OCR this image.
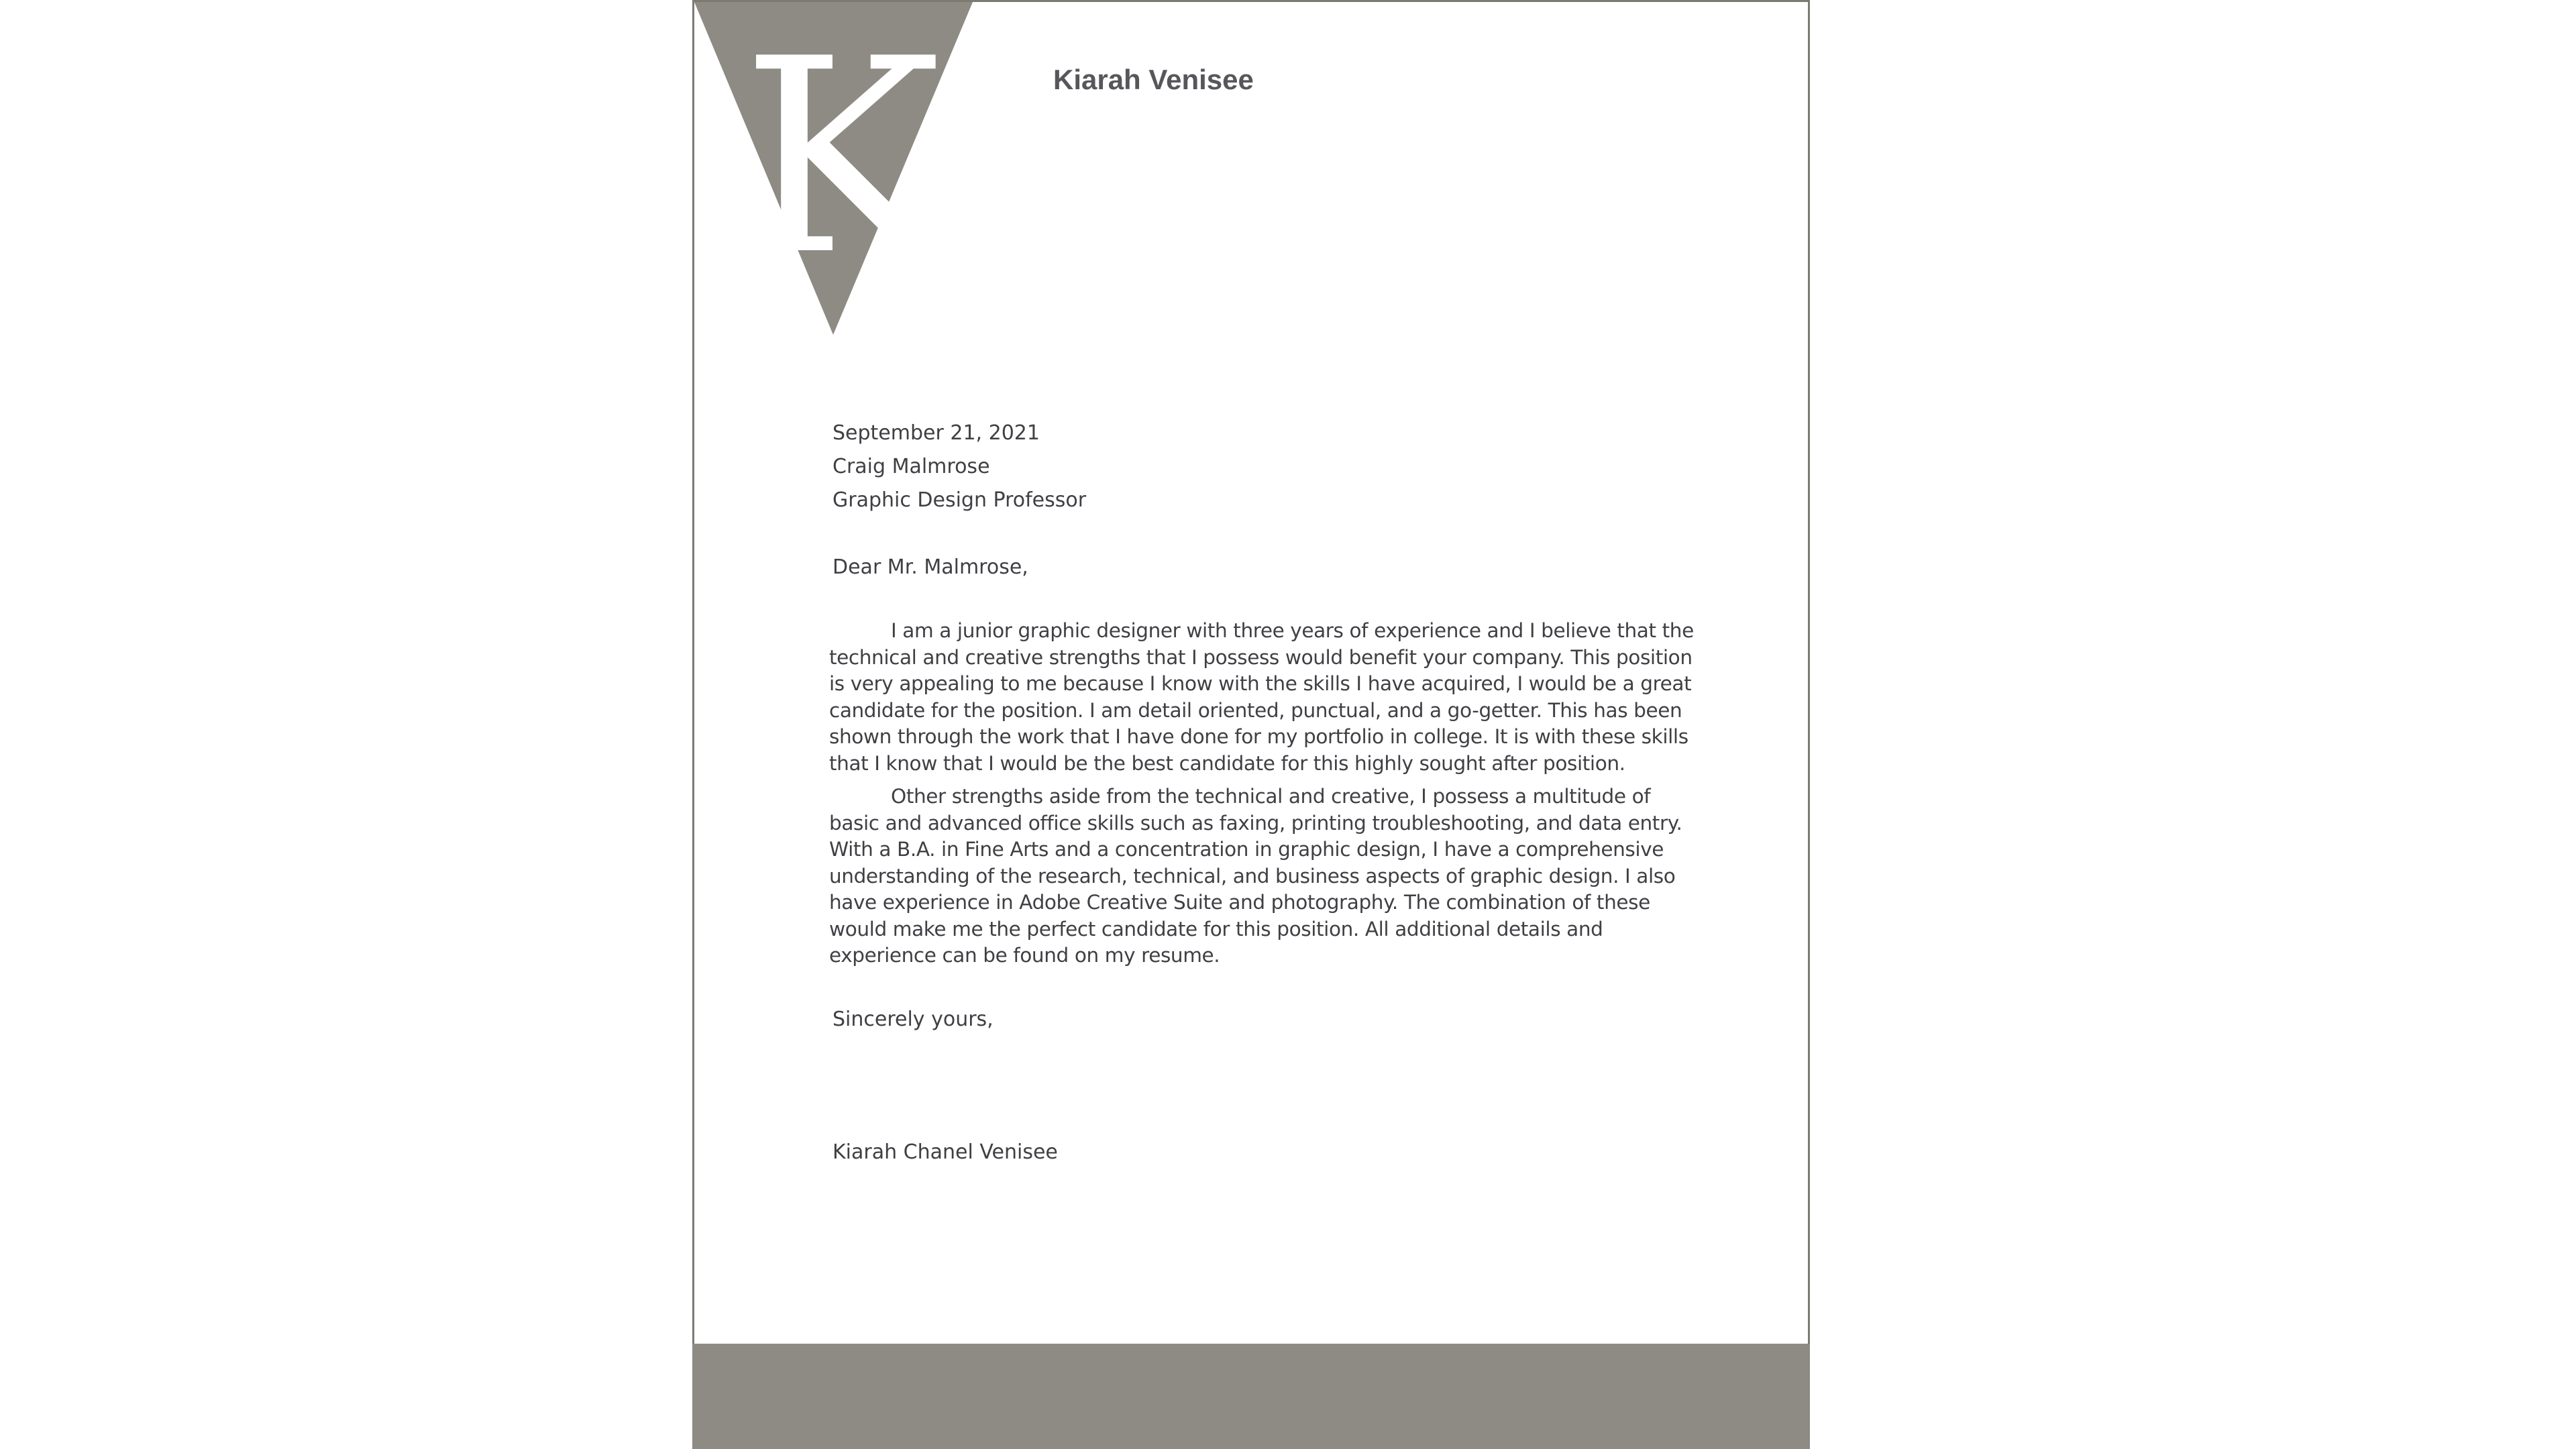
K	Kiarah Venisee
September 21, 2021
Craig Malmrose
Graphic Design Professor
Dear Mr. Malmrose,
I am a junior graphic designer with three years of experience and I believe that the technical and creative strengths that I possess would benefit your company. This position is very appealing to me because I know with the skills I have acquired, I would be a great candidate for the position. I am detail oriented, punctual, and a go-getter. This has been shown through the work that I have done for my portfolio in college. It is with these skills that I know that I would be the best candidate for this highly sought after position.
Other strengths aside from the technical and creative, I possess a multitude of basic and advanced office skills such as faxing, printing troubleshooting, and data entry. With a B.A. in Fine Arts and a concentration in graphic design, I have a comprehensive understanding of the research, technical, and business aspects of graphic design. I also have experience in Adobe Creative Suite and photography. The combination of these would make me the perfect candidate for this position. All additional details and experience can be found on my resume.
Sincerely yours,
Kiarah Chanel Venisee
